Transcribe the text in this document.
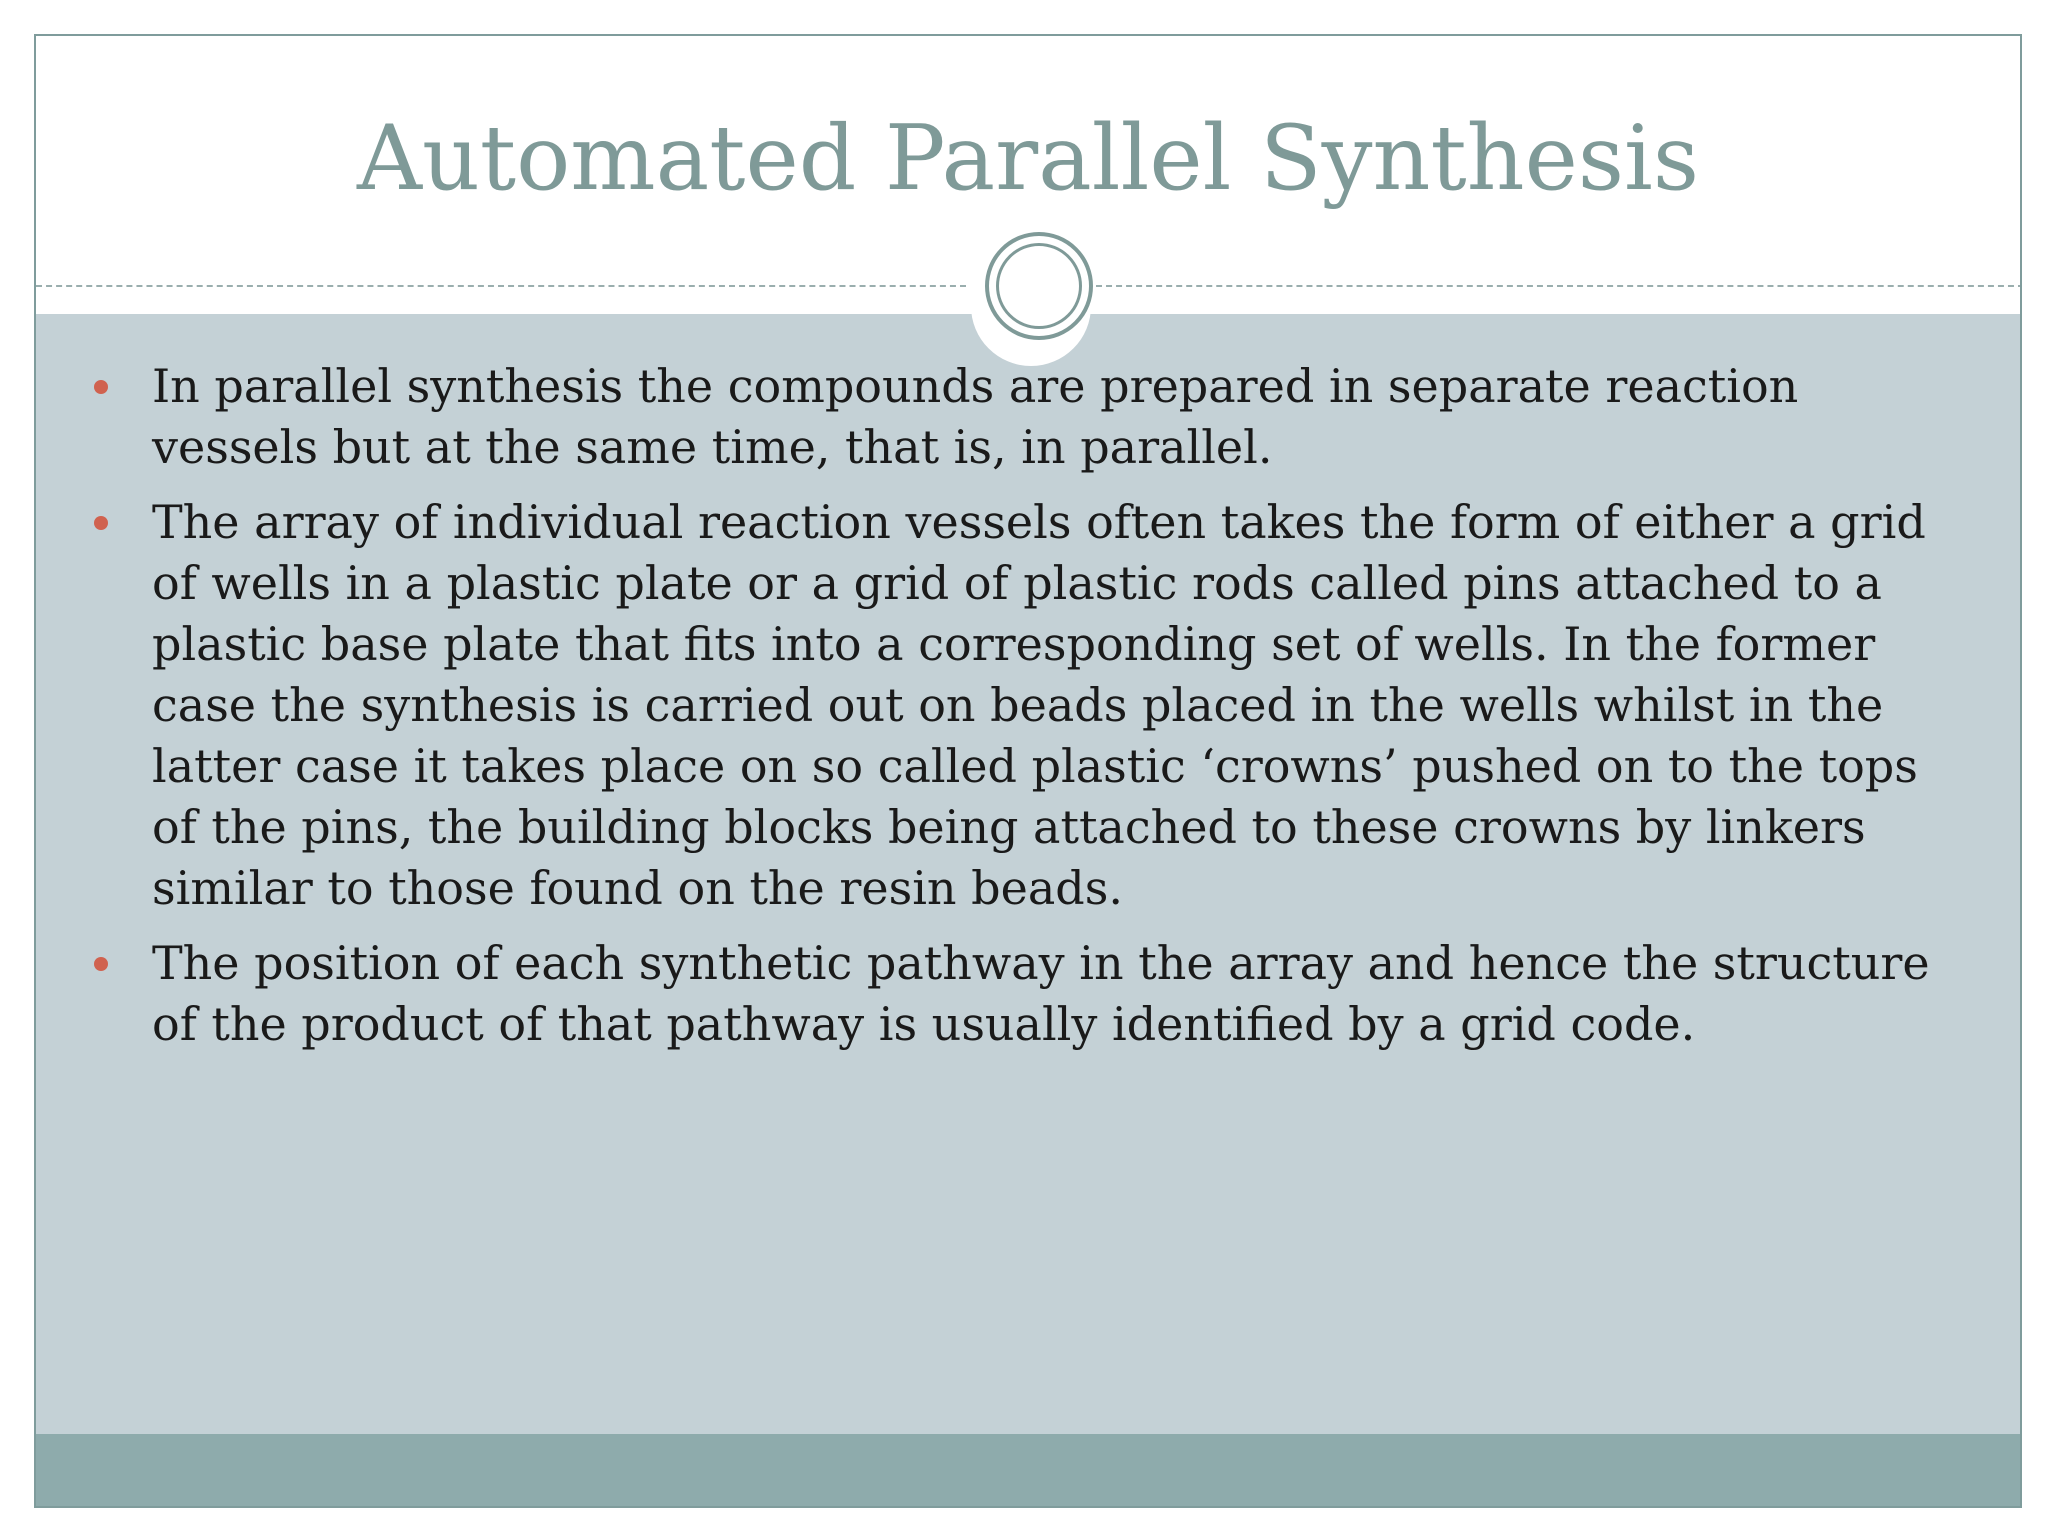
Automated Parallel Synthesis
In parallel synthesis the compounds are prepared in separate reaction vessels but at the same time, that is, in parallel.
The array of individual reaction vessels often takes the form of either a grid of wells in a plastic plate or a grid of plastic rods called pins attached to a plastic base plate that fits into a corresponding set of wells. In the former case the synthesis is carried out on beads placed in the wells whilst in the latter case it takes place on so called plastic ‘crowns’ pushed on to the tops of the pins, the building blocks being attached to these crowns by linkers similar to those found on the resin beads.
The position of each synthetic pathway in the array and hence the structure of the product of that pathway is usually identified by a grid code.
